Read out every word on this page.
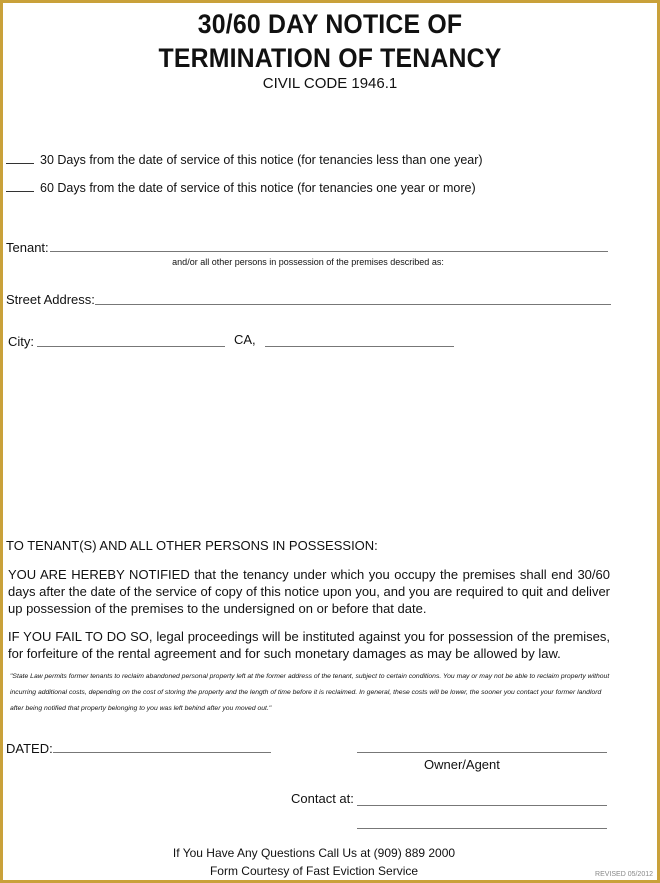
30/60 DAY NOTICE OF
TERMINATION OF TENANCY
CIVIL CODE 1946.1
30 Days from the date of service of this notice (for tenancies less than one year)
60 Days from the date of service of this notice (for tenancies one year or more)
Tenant:
and/or all other persons in possession of the premises described as:
Street Address:
City:	CA,
TO TENANT(S) AND ALL OTHER PERSONS IN POSSESSION:
YOU ARE HEREBY NOTIFIED that the tenancy under which you occupy the premises shall end 30/60 days after the date of the service of copy of this notice upon you, and you are required to quit and deliver up possession of the premises to the undersigned on or before that date.
IF YOU FAIL TO DO SO, legal proceedings will be instituted against you for possession of the premises, for forfeiture of the rental agreement and for such monetary damages as may be allowed by law.
"State Law permits former tenants to reclaim abandoned personal property left at the former address of the tenant, subject to certain conditions. You may or may not be able to reclaim property without incurring additional costs, depending on the cost of storing the property and the length of time before it is reclaimed. In general, these costs will be lower, the sooner you contact your former landlord after being notified that property belonging to you was left behind after you moved out."
DATED:
Owner/Agent
Contact at:
If You Have Any Questions Call Us at (909) 889 2000
Form Courtesy of Fast Eviction Service	REVISED 05/2012
